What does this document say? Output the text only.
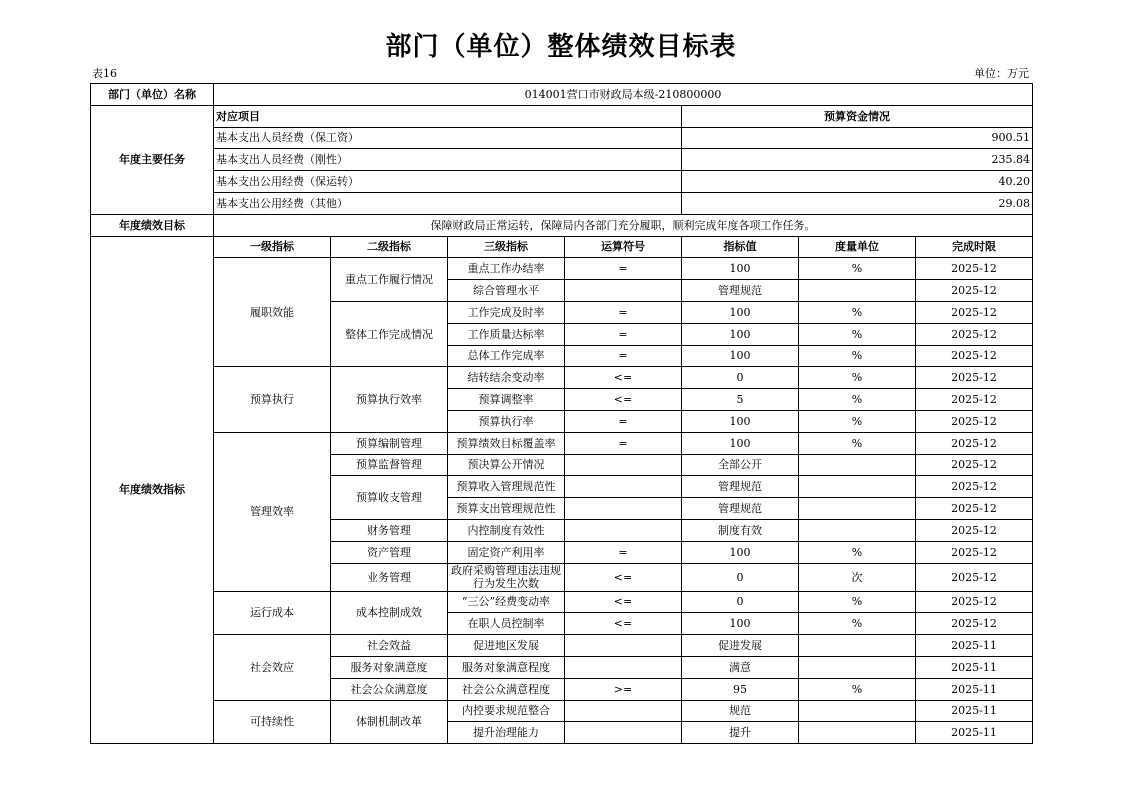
部门（单位）整体绩效目标表
表16	单位：万元
部门（单位）名称	014001营口市财政局本级-210800000						
年度主要任务	对应项目				预算资金情况		
	基本支出人员经费（保工资）				900.51		
	基本支出人员经费（刚性）				235.84		
	基本支出公用经费（保运转）				40.20		
	基本支出公用经费（其他）				29.08		
年度绩效目标	保障财政局正常运转，保障局内各部门充分履职，顺利完成年度各项工作任务。						
年度绩效指标	一级指标	二级指标	三级指标	运算符号	指标值	度量单位	完成时限
	履职效能	重点工作履行情况	重点工作办结率	=	100	%	2025-12
			综合管理水平		管理规范		2025-12
		整体工作完成情况	工作完成及时率	=	100	%	2025-12
			工作质量达标率	=	100	%	2025-12
			总体工作完成率	=	100	%	2025-12
	预算执行	预算执行效率	结转结余变动率	<=	0	%	2025-12
			预算调整率	<=	5	%	2025-12
			预算执行率	=	100	%	2025-12
	管理效率	预算编制管理	预算绩效目标覆盖率	=	100	%	2025-12
		预算监督管理	预决算公开情况		全部公开		2025-12
		预算收支管理	预算收入管理规范性		管理规范		2025-12
			预算支出管理规范性		管理规范		2025-12
		财务管理	内控制度有效性		制度有效		2025-12
		资产管理	固定资产利用率	=	100	%	2025-12
		业务管理	政府采购管理违法违规行为发生次数	<=	0	次	2025-12
	运行成本	成本控制成效	“三公”经费变动率	<=	0	%	2025-12
			在职人员控制率	<=	100	%	2025-12
	社会效应	社会效益	促进地区发展		促进发展		2025-11
		服务对象满意度	服务对象满意程度		满意		2025-11
		社会公众满意度	社会公众满意程度	>=	95	%	2025-11
	可持续性	体制机制改革	内控要求规范整合		规范		2025-11
			提升治理能力		提升		2025-11
